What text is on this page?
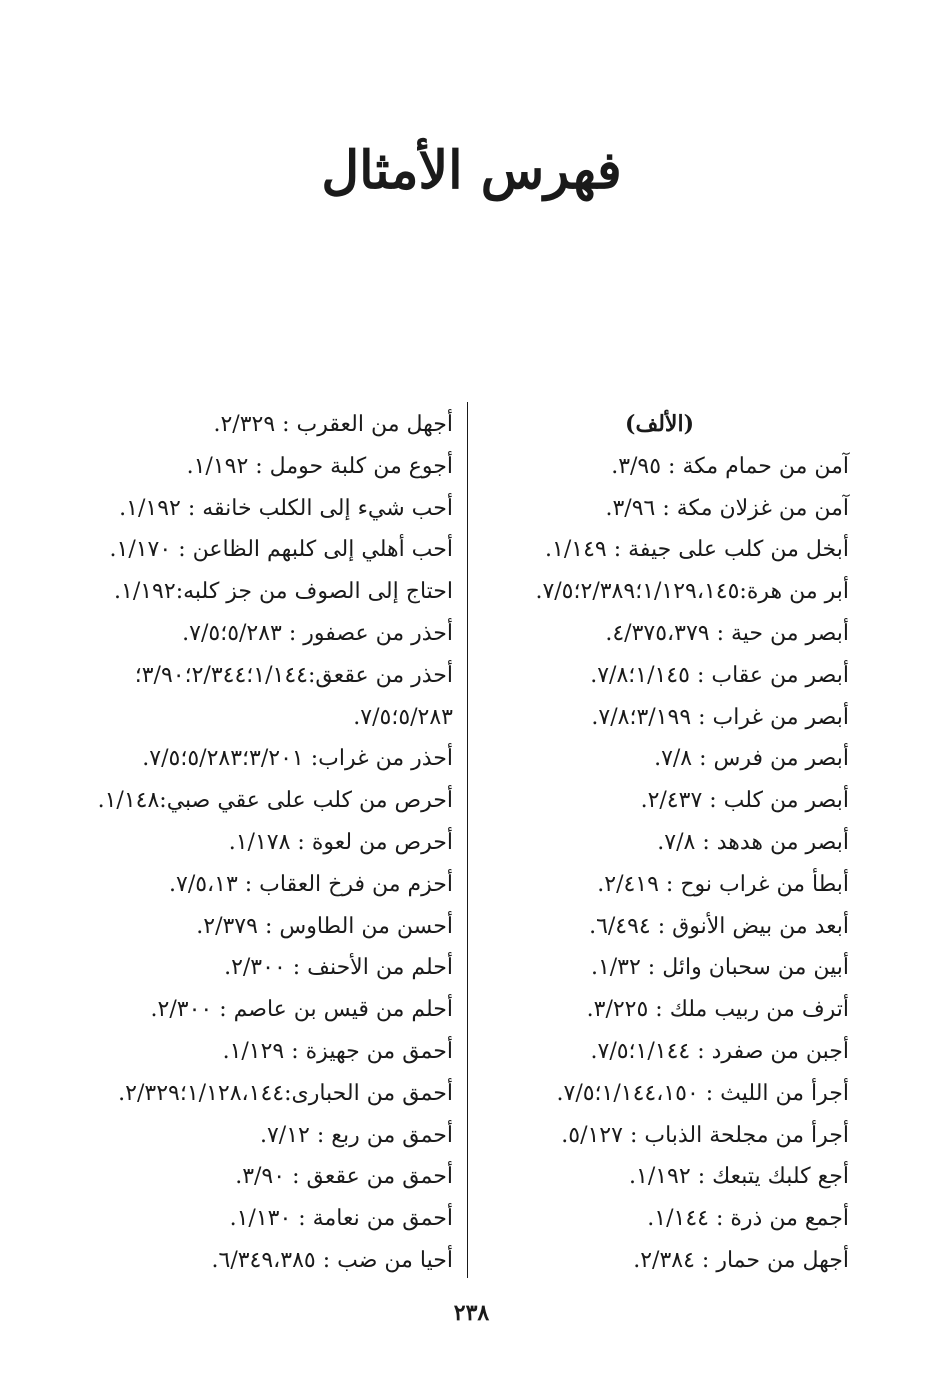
فهرس الأمثال
(الألف)
آمن من حمام مكة : ٣/٩٥.
آمن من غزلان مكة : ٣/٩٦.
أبخل من كلب على جيفة : ١/١٤٩.
أبر من هرة:١/١٢٩،١٤٥؛٢/٣٨٩؛٧/٥.
أبصر من حية : ٤/٣٧٥،٣٧٩.
أبصر من عقاب : ١/١٤٥؛٧/٨.
أبصر من غراب : ٣/١٩٩؛٧/٨.
أبصر من فرس : ٧/٨.
أبصر من كلب : ٢/٤٣٧.
أبصر من هدهد : ٧/٨.
أبطأ من غراب نوح : ٢/٤١٩.
أبعد من بيض الأنوق : ٦/٤٩٤.
أبين من سحبان وائل : ١/٣٢.
أترف من ربيب ملك : ٣/٢٢٥.
أجبن من صفرد : ١/١٤٤؛٧/٥.
أجرأ من الليث : ١/١٤٤،١٥٠؛٧/٥.
أجرأ من مجلحة الذباب : ٥/١٢٧.
أجع كلبك يتبعك : ١/١٩٢.
أجمع من ذرة : ١/١٤٤.
أجهل من حمار : ٢/٣٨٤.
أجهل من العقرب : ٢/٣٢٩.
أجوع من كلبة حومل : ١/١٩٢.
أحب شيء إلى الكلب خانقه : ١/١٩٢.
أحب أهلي إلى كلبهم الظاعن : ١/١٧٠.
احتاج إلى الصوف من جز كلبه:١/١٩٢.
أحذر من عصفور : ٥/٢٨٣؛٧/٥.
أحذر من عقعق:١/١٤٤؛٢/٣٤٤؛٣/٩٠؛
٥/٢٨٣؛٧/٥.
أحذر من غراب: ٣/٢٠١؛٥/٢٨٣؛٧/٥.
أحرص من كلب على عقي صبي:١/١٤٨.
أحرص من لعوة : ١/١٧٨.
أحزم من فرخ العقاب : ٧/٥،١٣.
أحسن من الطاوس : ٢/٣٧٩.
أحلم من الأحنف : ٢/٣٠٠.
أحلم من قيس بن عاصم : ٢/٣٠٠.
أحمق من جهيزة : ١/١٢٩.
أحمق من الحبارى:١/١٢٨،١٤٤؛٢/٣٢٩.
أحمق من ربع : ٧/١٢.
أحمق من عقعق : ٣/٩٠.
أحمق من نعامة : ١/١٣٠.
أحيا من ضب : ٦/٣٤٩،٣٨٥.
٢٣٨
